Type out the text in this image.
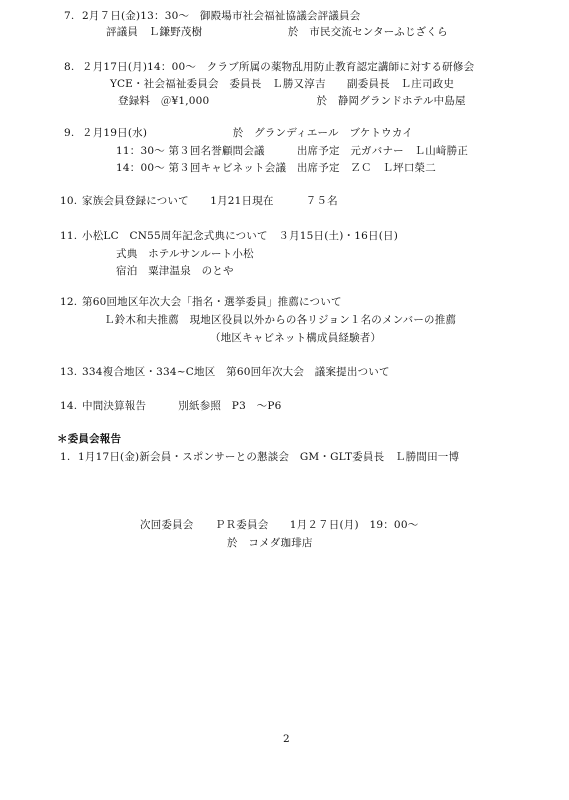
7. 2月７日(金)13：30～　御殿場市社会福祉協議会評議員会
評議員　Ｌ鎌野茂樹　　　　　　　　於　市民交流センターふじざくら
8. ２月17日(月)14：00～　クラブ所属の薬物乱用防止教育認定講師に対する研修会
YCE・社会福祉委員会　委員長　Ｌ勝又淳吉　　副委員長　Ｌ庄司政史
登録料　＠¥1,000　　　　　　　　　　於　静岡グランドホテル中島屋
9. ２月19日(水)　　　　　　　　於　グランディエール　ブケトウカイ
11：30～ 第３回名誉顧問会議　　　出席予定　元ガバナー　Ｌ山﨑勝正
14：00～ 第３回キャビネット会議　出席予定　ＺＣ　Ｌ坪口榮二
10. 家族会員登録について　　1月21日現在　　　７５名
11. 小松LC　CN55周年記念式典について　３月15日(土)・16日(日)
式典　ホテルサンルート小松
宿泊　粟津温泉　のとや
12. 第60回地区年次大会「指名・選挙委員」推薦について
Ｌ鈴木和夫推薦　現地区役員以外からの各リジョン１名のメンバーの推薦
（地区キャビネット構成員経験者）
13. 334複合地区・334~C地区　第60回年次大会　議案提出ついて
14. 中間決算報告　　　別紙参照　P3　～P6
＊委員会報告
1. 1月17日(金)新会員・スポンサーとの懇談会　GM・GLT委員長　Ｌ勝間田一博
次回委員会　　ＰＲ委員会　　1月２７日(月)　19：00～
於　コメダ珈琲店
2
